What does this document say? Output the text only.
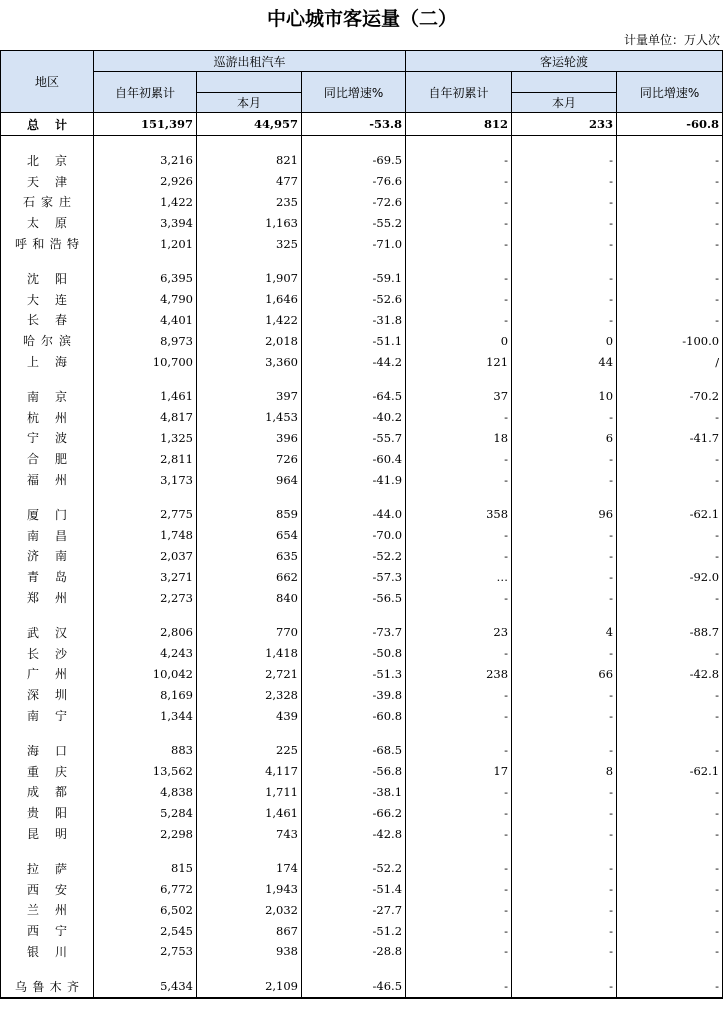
中心城市客运量（二）
计量单位：万人次
地区	巡游出租汽车			客运轮渡		
	自年初累计		同比增速%	自年初累计		同比增速%
		本月			本月	
总 计	151,397	44,957	-53.8	812	233	-60.8

北京	3,216	821	-69.5	-	-	-
天津	2,926	477	-76.6	-	-	-
石家庄	1,422	235	-72.6	-	-	-
太原	3,394	1,163	-55.2	-	-	-
呼和浩特	1,201	325	-71.0	-	-	-

沈阳	6,395	1,907	-59.1	-	-	-
大连	4,790	1,646	-52.6	-	-	-
长春	4,401	1,422	-31.8	-	-	-
哈尔滨	8,973	2,018	-51.1	0	0	-100.0
上海	10,700	3,360	-44.2	121	44	/

南京	1,461	397	-64.5	37	10	-70.2
杭州	4,817	1,453	-40.2	-	-	-
宁波	1,325	396	-55.7	18	6	-41.7
合肥	2,811	726	-60.4	-	-	-
福州	3,173	964	-41.9	-	-	-

厦门	2,775	859	-44.0	358	96	-62.1
南昌	1,748	654	-70.0	-	-	-
济南	2,037	635	-52.2	-	-	-
青岛	3,271	662	-57.3	…	-	-92.0
郑州	2,273	840	-56.5	-	-	-

武汉	2,806	770	-73.7	23	4	-88.7
长沙	4,243	1,418	-50.8	-	-	-
广州	10,042	2,721	-51.3	238	66	-42.8
深圳	8,169	2,328	-39.8	-	-	-
南宁	1,344	439	-60.8	-	-	-

海口	883	225	-68.5	-	-	-
重庆	13,562	4,117	-56.8	17	8	-62.1
成都	4,838	1,711	-38.1	-	-	-
贵阳	5,284	1,461	-66.2	-	-	-
昆明	2,298	743	-42.8	-	-	-

拉萨	815	174	-52.2	-	-	-
西安	6,772	1,943	-51.4	-	-	-
兰州	6,502	2,032	-27.7	-	-	-
西宁	2,545	867	-51.2	-	-	-
银川	2,753	938	-28.8	-	-	-

乌鲁木齐	5,434	2,109	-46.5	-	-	-
